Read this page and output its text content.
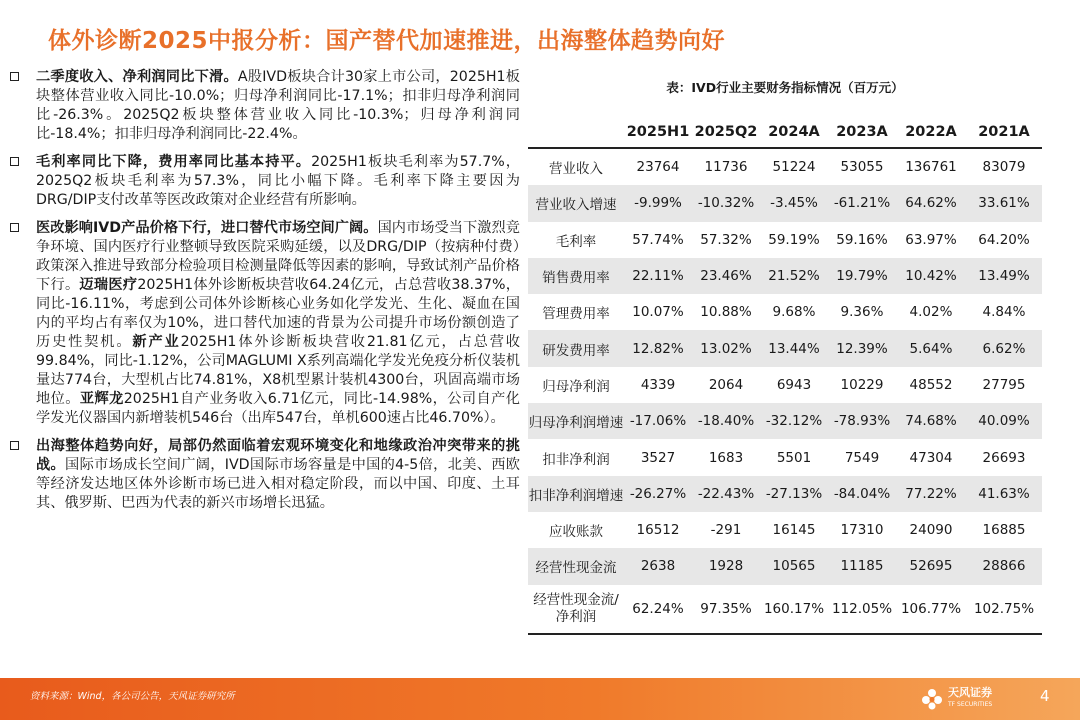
体外诊断2025中报分析：国产替代加速推进，出海整体趋势向好
二季度收入、净利润同比下滑。A股IVD板块合计30家上市公司，2025H1板块整体营业收入同比-10.0%；归母净利润同比-17.1%；扣非归母净利润同比-26.3%。2025Q2板块整体营业收入同比-10.3%；归母净利润同比-18.4%；扣非归母净利润同比-22.4%。
毛利率同比下降，费用率同比基本持平。2025H1板块毛利率为57.7%，2025Q2板块毛利率为57.3%，同比小幅下降。毛利率下降主要因为DRG/DIP支付改革等医改政策对企业经营有所影响。
医改影响IVD产品价格下行，进口替代市场空间广阔。国内市场受当下激烈竞争环境、国内医疗行业整顿导致医院采购延缓，以及DRG/DIP（按病种付费）政策深入推进导致部分检验项目检测量降低等因素的影响，导致试剂产品价格下行。迈瑞医疗2025H1体外诊断板块营收64.24亿元，占总营收38.37%，同比-16.11%，考虑到公司体外诊断核心业务如化学发光、生化、凝血在国内的平均占有率仅为10%，进口替代加速的背景为公司提升市场份额创造了历史性契机。新产业2025H1体外诊断板块营收21.81亿元，占总营收99.84%，同比-1.12%，公司MAGLUMI X系列高端化学发光免疫分析仪装机量达774台，大型机占比74.81%，X8机型累计装机4300台，巩固高端市场地位。亚辉龙2025H1自产业务收入6.71亿元，同比-14.98%，公司自产化学发光仪器国内新增装机546台（出库547台，单机600速占比46.70%）。
出海整体趋势向好，局部仍然面临着宏观环境变化和地缘政治冲突带来的挑战。国际市场成长空间广阔，IVD国际市场容量是中国的4-5倍，北美、西欧等经济发达地区体外诊断市场已进入相对稳定阶段，而以中国、印度、土耳其、俄罗斯、巴西为代表的新兴市场增长迅猛。
表：IVD行业主要财务指标情况（百万元）
	2025H1	2025Q2	2024A	2023A	2022A	2021A
营业收入	23764	11736	51224	53055	136761	83079
营业收入增速	-9.99%	-10.32%	-3.45%	-61.21%	64.62%	33.61%
毛利率	57.74%	57.32%	59.19%	59.16%	63.97%	64.20%
销售费用率	22.11%	23.46%	21.52%	19.79%	10.42%	13.49%
管理费用率	10.07%	10.88%	9.68%	9.36%	4.02%	4.84%
研发费用率	12.82%	13.02%	13.44%	12.39%	5.64%	6.62%
归母净利润	4339	2064	6943	10229	48552	27795
归母净利润增速	-17.06%	-18.40%	-32.12%	-78.93%	74.68%	40.09%
扣非净利润	3527	1683	5501	7549	47304	26693
扣非净利润增速	-26.27%	-22.43%	-27.13%	-84.04%	77.22%	41.63%
应收账款	16512	-291	16145	17310	24090	16885
经营性现金流	2638	1928	10565	11185	52695	28866
经营性现金流/净利润	62.24%	97.35%	160.17%	112.05%	106.77%	102.75%
资料来源：Wind，各公司公告，天风证券研究所	天风证券
TF SECURITIES	4
